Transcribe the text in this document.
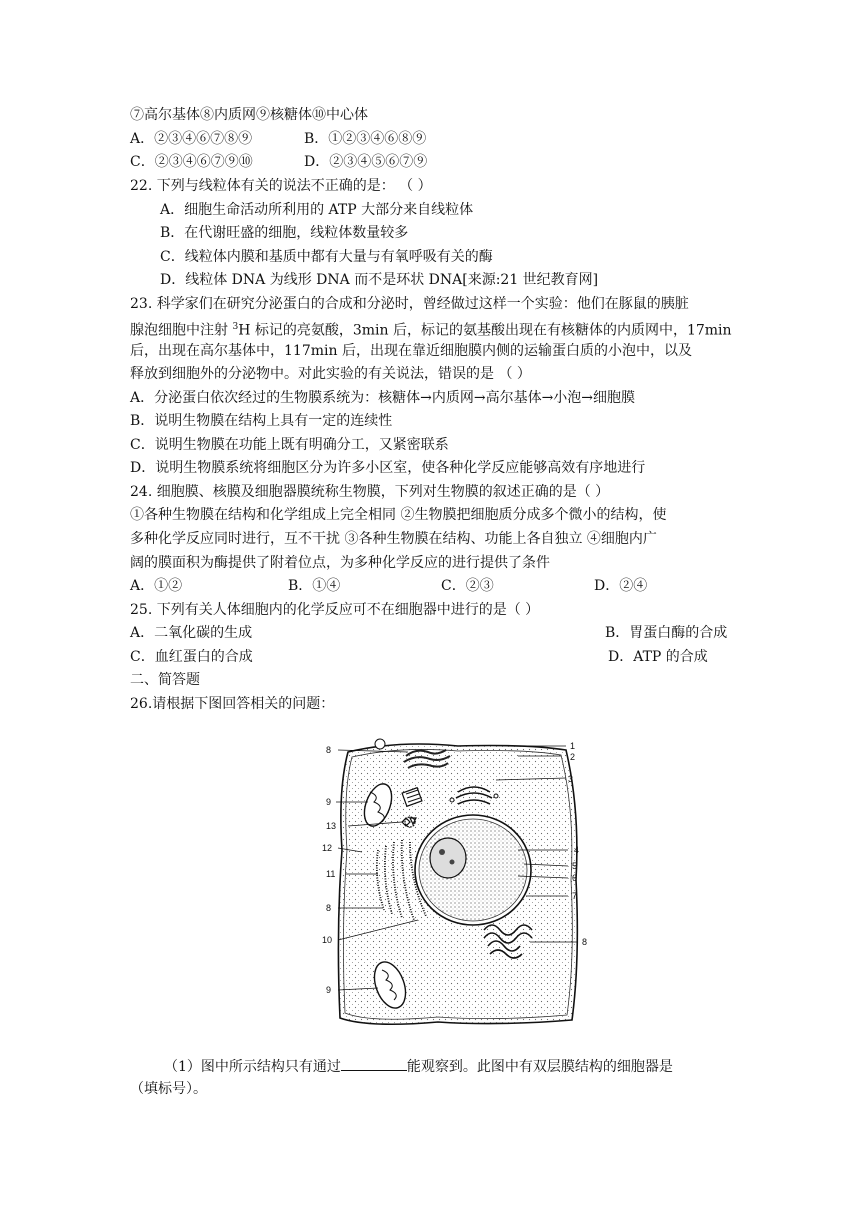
⑦高尔基体⑧内质网⑨核糖体⑩中心体
A．②③④⑥⑦⑧⑨	B．①②③④⑥⑧⑨
C．②③④⑥⑦⑨⑩	D．②③④⑤⑥⑦⑨
22. 下列与线粒体有关的说法不正确的是： （ ）
A．细胞生命活动所利用的 ATP 大部分来自线粒体
B．在代谢旺盛的细胞，线粒体数量较多
C．线粒体内膜和基质中都有大量与有氧呼吸有关的酶
D．线粒体 DNA 为线形 DNA 而不是环状 DNA[来源:21 世纪教育网]
23. 科学家们在研究分泌蛋白的合成和分泌时，曾经做过这样一个实验：他们在豚鼠的胰脏
腺泡细胞中注射 $^3$H 标记的亮氨酸，3min 后，标记的氨基酸出现在有核糖体的内质网中，17min
后，出现在高尔基体中，117min 后，出现在靠近细胞膜内侧的运输蛋白质的小泡中，以及
释放到细胞外的分泌物中。对此实验的有关说法，错误的是 （ ）
A．分泌蛋白依次经过的生物膜系统为：核糖体→内质网→高尔基体→小泡→细胞膜
B．说明生物膜在结构上具有一定的连续性
C．说明生物膜在功能上既有明确分工，又紧密联系
D．说明生物膜系统将细胞区分为许多小区室，使各种化学反应能够高效有序地进行
24. 细胞膜、核膜及细胞器膜统称生物膜，下列对生物膜的叙述正确的是（ ）
①各种生物膜在结构和化学组成上完全相同 ②生物膜把细胞质分成多个微小的结构，使
多种化学反应同时进行，互不干扰 ③各种生物膜在结构、功能上各自独立 ④细胞内广
阔的膜面积为酶提供了附着位点，为多种化学反应的进行提供了条件
A．①②	B．①④	C．②③	D．②④
25. 下列有关人体细胞内的化学反应可不在细胞器中进行的是（ ）
A．二氧化碳的生成	B．胃蛋白酶的合成
C．血红蛋白的合成	D．ATP 的合成
二、简答题
26.请根据下图回答相关的问题：
8	1
2
3
9
13
12	4
5
6
7
11
8
10	8
9
（1）图中所示结构只有通过	能观察到。此图中有双层膜结构的细胞器是
（填标号）。
